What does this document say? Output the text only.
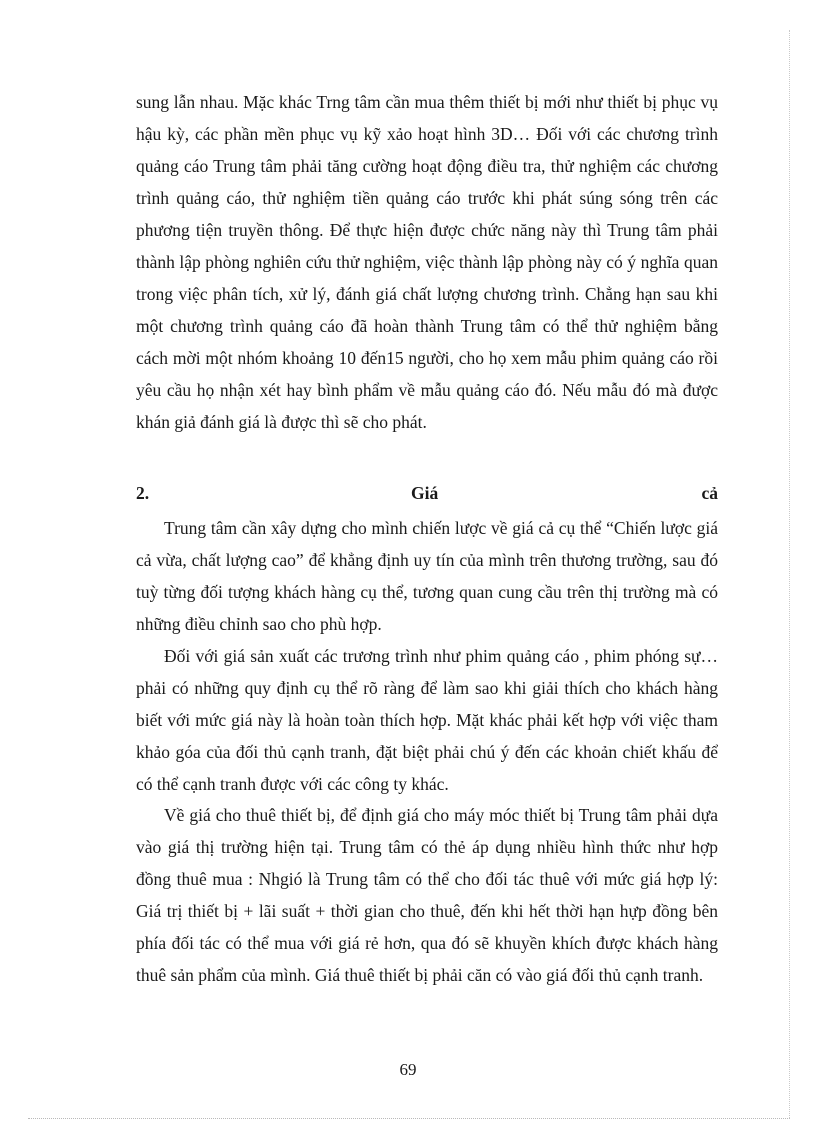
sung lẫn nhau. Mặc khác Trng tâm cần mua thêm thiết bị mới như thiết bị phục vụ hậu kỳ, các phần mền phục vụ kỹ xảo hoạt hình 3D… Đối với các chương trình quảng cáo Trung tâm phải tăng cường hoạt động điều tra, thử nghiệm các chương trình quảng cáo, thử nghiệm tiền quảng cáo trước khi phát súng sóng trên các phương tiện truyền thông. Để thực hiện được chức năng này thì Trung tâm phải thành lập phòng nghiên cứu thử nghiệm, việc thành lập phòng này có ý nghĩa quan trong việc phân tích, xử lý, đánh giá chất lượng chương trình. Chẳng hạn sau khi một chương trình quảng cáo đã hoàn thành Trung tâm có thể thử nghiệm bằng cách mời một nhóm khoảng 10 đến15 người, cho họ xem mẫu phim quảng cáo rồi yêu cầu họ nhận xét hay bình phẩm về mẫu quảng cáo đó. Nếu mẫu đó mà được khán giả đánh giá là được thì sẽ cho phát.

2.	Giá	cả

Trung tâm cần xây dựng cho mình chiến lược về giá cả cụ thể “Chiến lược giá cả vừa, chất lượng cao” để khẳng định uy tín của mình trên thương trường, sau đó tuỳ từng đối tượng khách hàng cụ thể, tương quan cung cầu trên thị trường mà có những điều chỉnh sao cho phù hợp.

Đối với giá sản xuất các trương trình như phim quảng cáo , phim phóng sự… phải có những quy định cụ thể rõ ràng để làm sao khi giải thích cho khách hàng biết với mức giá này là hoàn toàn thích hợp. Mặt khác phải kết hợp với việc tham khảo góa của đối thủ cạnh tranh, đặt biệt phải chú ý đến các khoản chiết khấu để có thể cạnh tranh được với các công ty khác.

Về giá cho thuê thiết bị, để định giá cho máy móc thiết bị Trung tâm phải dựa vào giá thị trường hiện tại. Trung tâm có thẻ áp dụng nhiều hình thức như hợp đồng thuê mua : Nhgió là Trung tâm có thể cho đối tác thuê với mức giá hợp lý: Giá trị thiết bị + lãi suất + thời gian cho thuê, đến khi hết thời hạn hựp đồng bên phía đối tác có thể mua với giá rẻ hơn, qua đó sẽ khuyền khích được khách hàng thuê sản phẩm của mình. Giá thuê thiết bị phải căn có vào giá đối thủ cạnh tranh.

69
